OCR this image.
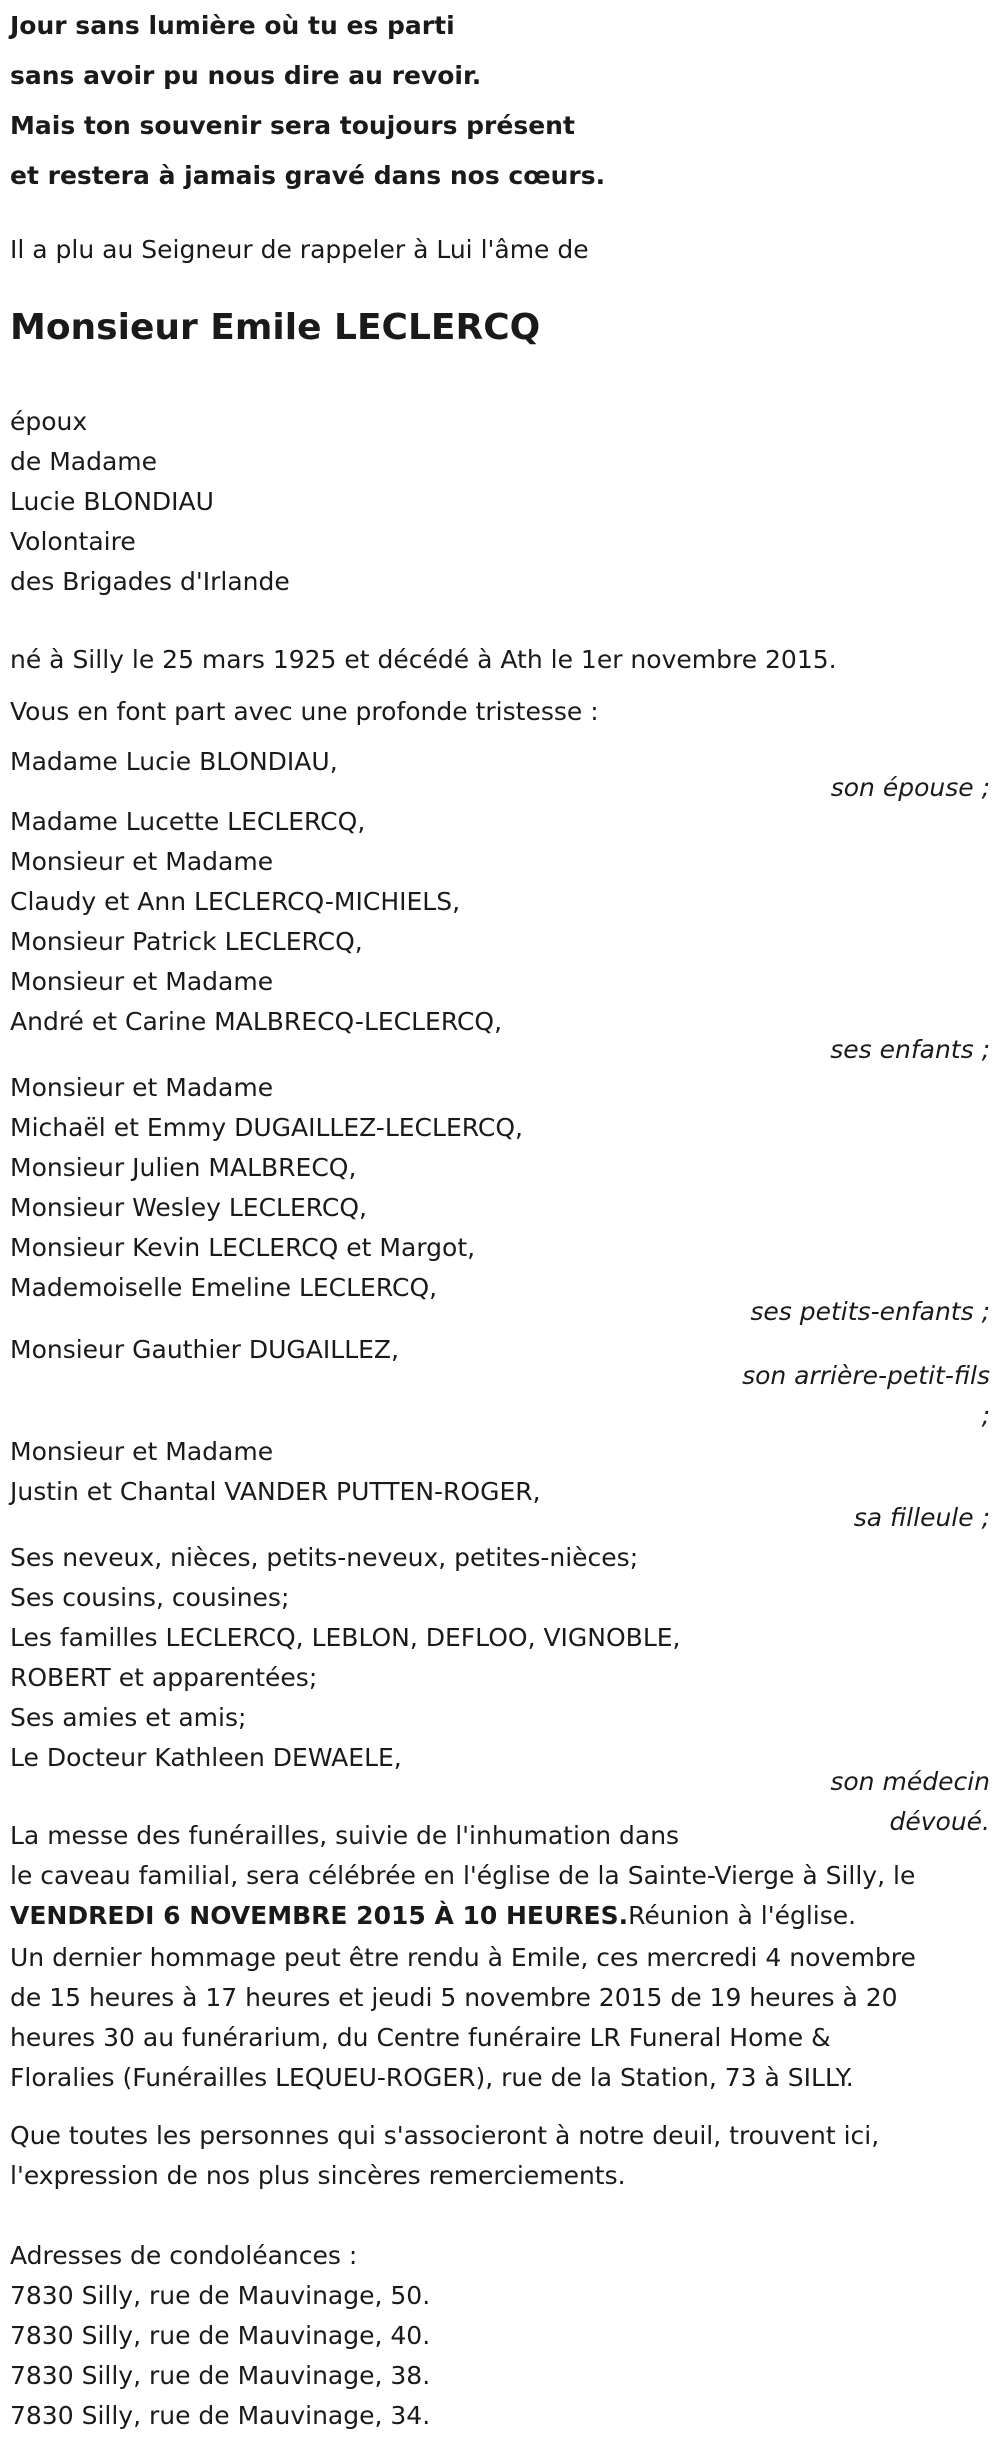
Jour sans lumière où tu es parti
sans avoir pu nous dire au revoir.
Mais ton souvenir sera toujours présent
et restera à jamais gravé dans nos cœurs.
Il a plu au Seigneur de rappeler à Lui l'âme de
Monsieur Emile LECLERCQ
époux
de Madame
Lucie BLONDIAU
Volontaire
des Brigades d'Irlande
né à Silly le 25 mars 1925 et décédé à Ath le 1er novembre 2015.
Vous en font part avec une profonde tristesse :
Madame Lucie BLONDIAU,
son épouse ;
Madame Lucette LECLERCQ,
Monsieur et Madame
Claudy et Ann LECLERCQ-MICHIELS,
Monsieur Patrick LECLERCQ,
Monsieur et Madame
André et Carine MALBRECQ-LECLERCQ,
ses enfants ;
Monsieur et Madame
Michaël et Emmy DUGAILLEZ-LECLERCQ,
Monsieur Julien MALBRECQ,
Monsieur Wesley LECLERCQ,
Monsieur Kevin LECLERCQ et Margot,
Mademoiselle Emeline LECLERCQ,
ses petits-enfants ;
Monsieur Gauthier DUGAILLEZ,
son arrière-petit-fils
;
Monsieur et Madame
Justin et Chantal VANDER PUTTEN-ROGER,
sa filleule ;
Ses neveux, nièces, petits-neveux, petites-nièces;
Ses cousins, cousines;
Les familles LECLERCQ, LEBLON, DEFLOO, VIGNOBLE,
ROBERT et apparentées;
Ses amies et amis;
Le Docteur Kathleen DEWAELE,
son médecin
dévoué.
La messe des funérailles, suivie de l'inhumation dans
le caveau familial, sera célébrée en l'église de la Sainte-Vierge à Silly, le
VENDREDI 6 NOVEMBRE 2015 À 10 HEURES.Réunion à l'église.
Un dernier hommage peut être rendu à Emile, ces mercredi 4 novembre
de 15 heures à 17 heures et jeudi 5 novembre 2015 de 19 heures à 20
heures 30 au funérarium, du Centre funéraire LR Funeral Home &
Floralies (Funérailles LEQUEU-ROGER), rue de la Station, 73 à SILLY.
Que toutes les personnes qui s'associeront à notre deuil, trouvent ici,
l'expression de nos plus sincères remerciements.
Adresses de condoléances :
7830 Silly, rue de Mauvinage, 50.
7830 Silly, rue de Mauvinage, 40.
7830 Silly, rue de Mauvinage, 38.
7830 Silly, rue de Mauvinage, 34.
